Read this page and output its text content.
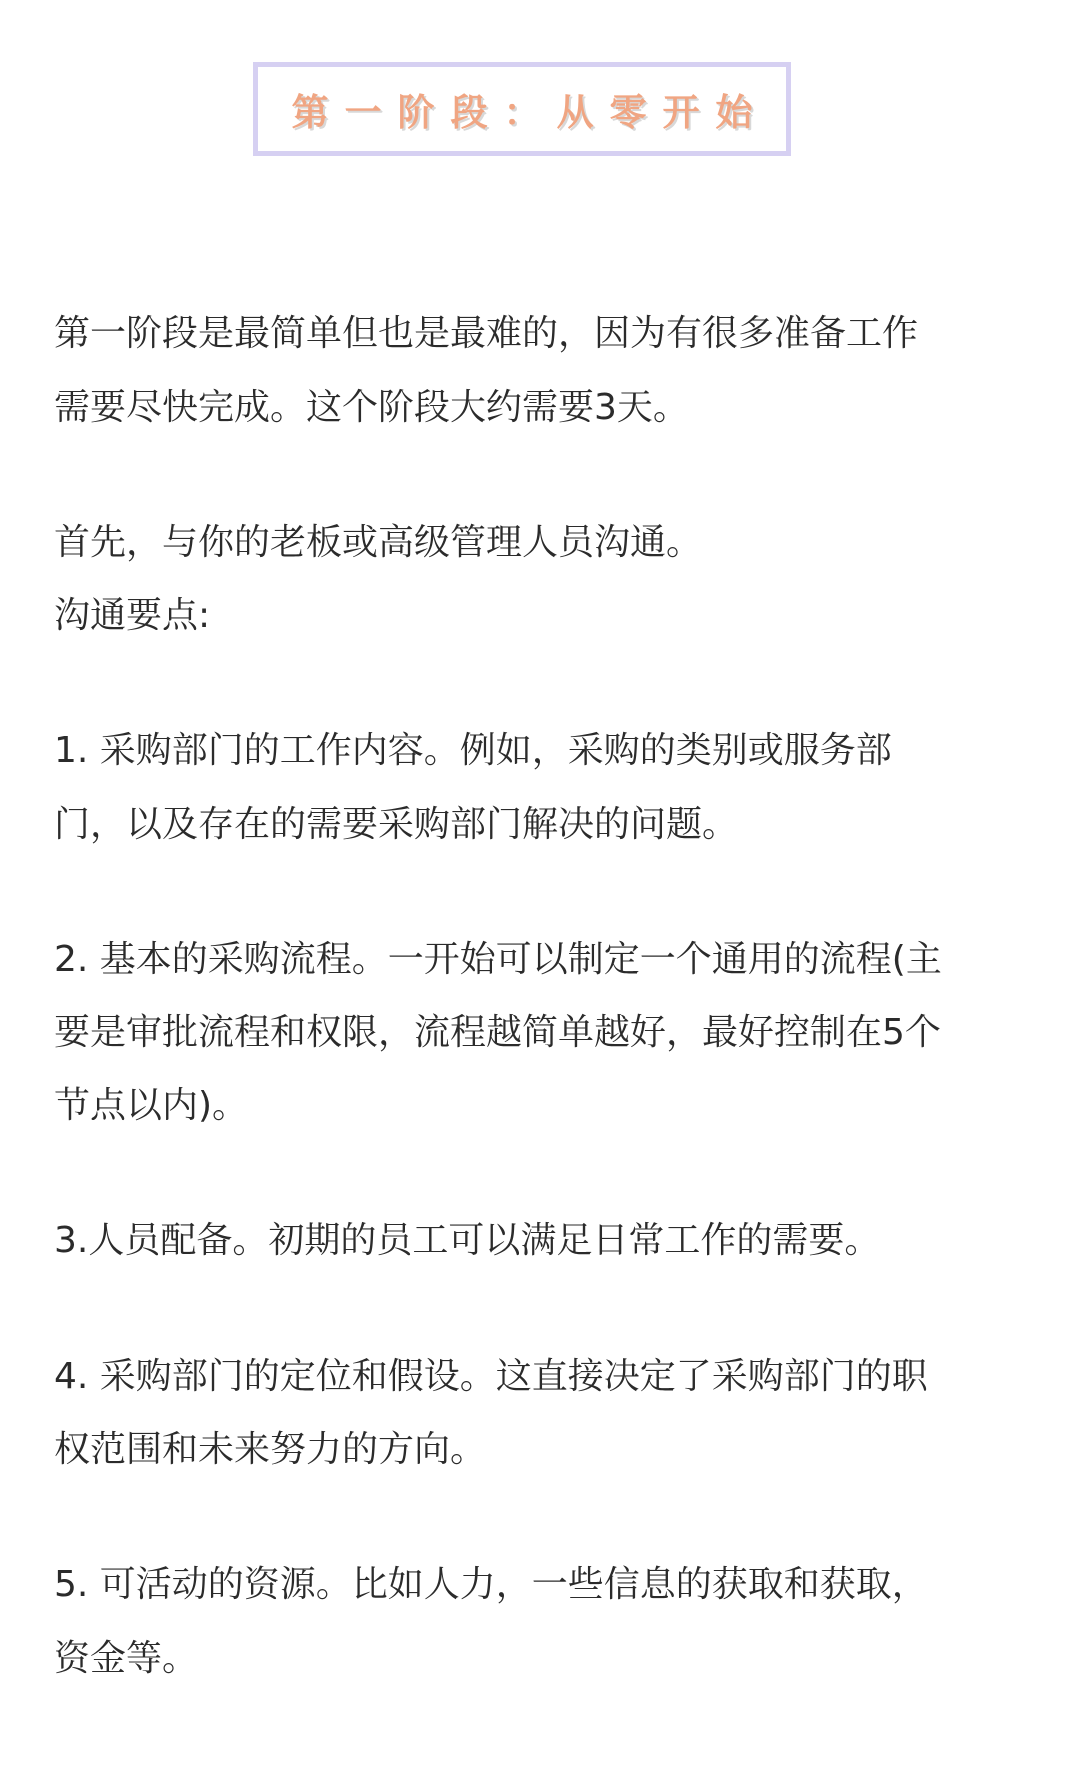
第一阶段：从零开始
第一阶段是最简单但也是最难的，因为有很多准备工作
需要尽快完成。这个阶段大约需要3天。
首先，与你的老板或高级管理人员沟通。
沟通要点:
1. 采购部门的工作内容。例如，采购的类别或服务部
门，以及存在的需要采购部门解决的问题。
2. 基本的采购流程。一开始可以制定一个通用的流程(主
要是审批流程和权限，流程越简单越好，最好控制在5个
节点以内)。
3.人员配备。初期的员工可以满足日常工作的需要。
4. 采购部门的定位和假设。这直接决定了采购部门的职
权范围和未来努力的方向。
5. 可活动的资源。比如人力，一些信息的获取和获取，
资金等。
